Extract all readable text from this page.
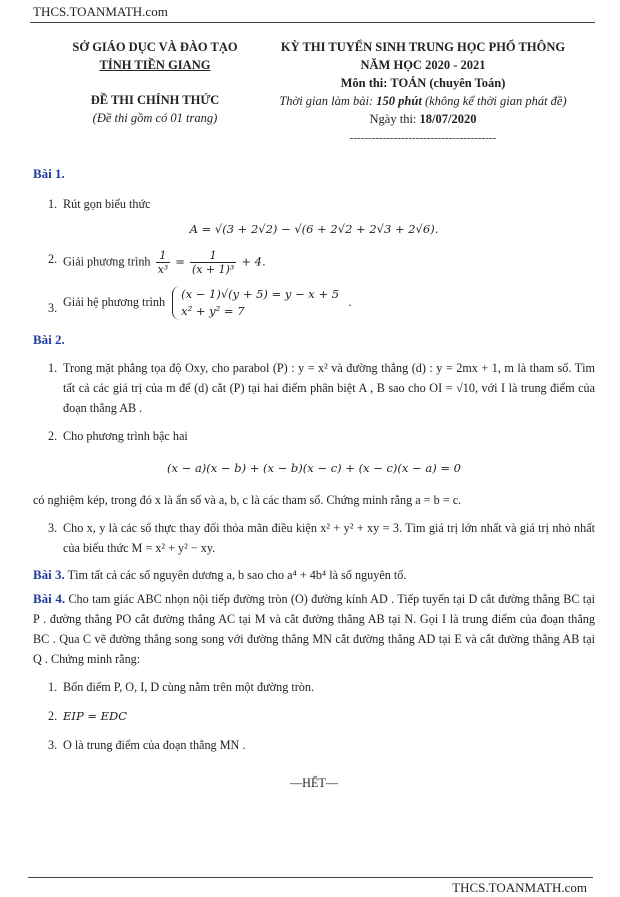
THCS.TOANMATH.com
SỞ GIÁO DỤC VÀ ĐÀO TẠO
TỈNH TIỀN GIANG
ĐỀ THI CHÍNH THỨC
(Đề thi gồm có 01 trang)
KỲ THI TUYỂN SINH TRUNG HỌC PHỔ THÔNG
NĂM HỌC 2020 - 2021
Môn thi: TOÁN (chuyên Toán)
Thời gian làm bài: 150 phút (không kể thời gian phát đề)
Ngày thi: 18/07/2020
----------------------------------------
Bài 1.
1. Rút gọn biểu thức
A = √(3 + 2√2) − √(6 + 2√2 + 2√3 + 2√6).
2. Giải phương trình $\frac{1}{\text{x³}} = \frac{1}{\text{(x + 1)³}} + 4$.
3. Giải hệ phương trình
(x − 1)√(y + 5) = y − x + 5
x² + y² = 7
.
Bài 2.
1. Trong mặt phẳng tọa độ Oxy, cho parabol (P) : y = x² và đường thẳng (d) : y = 2mx + 1, m là tham số. Tìm tất cả các giá trị của m để (d) cắt (P) tại hai điểm phân biệt A , B sao cho OI = √10, với I là trung điểm của đoạn thẳng AB .
2. Cho phương trình bậc hai
(x − a)(x − b) + (x − b)(x − c) + (x − c)(x − a) = 0
có nghiệm kép, trong đó x là ẩn số và a, b, c là các tham số. Chứng minh rằng a = b = c.
3. Cho x, y là các số thực thay đổi thỏa mãn điều kiện x² + y² + xy = 3. Tìm giá trị lớn nhất và giá trị nhỏ nhất của biểu thức M = x² + y² − xy.
Bài 3. Tìm tất cả các số nguyên dương a, b sao cho a⁴ + 4b⁴ là số nguyên tố.
Bài 4. Cho tam giác ABC nhọn nội tiếp đường tròn (O) đường kính AD . Tiếp tuyến tại D cắt đường thẳng BC tại P . đường thẳng PO cắt đường thẳng AC tại M và cắt đường thẳng AB tại N. Gọi I là trung điểm của đoạn thẳng BC . Qua C vẽ đường thẳng song song với đường thẳng MN cắt đường thẳng AD tại E và cắt đường thẳng AB tại Q . Chứng minh rằng:
1. Bốn điểm P, O, I, D cùng nằm trên một đường tròn.
2. EIP = EDC
3. O là trung điểm của đoạn thẳng MN .
—HẾT—
THCS.TOANMATH.com
